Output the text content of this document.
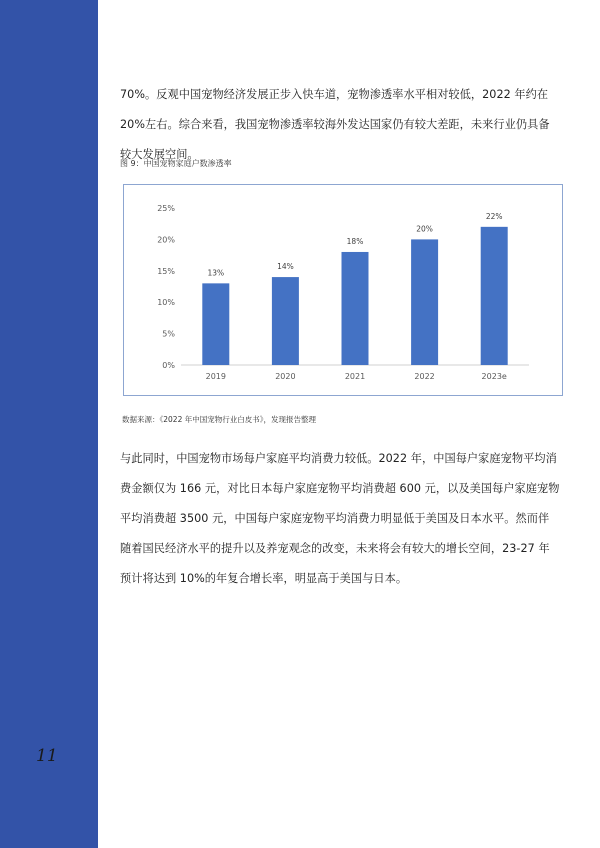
70%。反观中国宠物经济发展正步入快车道，宠物渗透率水平相对较低，2022 年约在 20%左右。综合来看，我国宠物渗透率较海外发达国家仍有较大差距，未来行业仍具备较大发展空间。

图 9：中国宠物家庭户数渗透率
0%
5%
10%
15%
20%
25%
13%
2019
14%
2020
18%
2021
20%
2022
22%
2023e
数据来源：《2022 年中国宠物行业白皮书》，发现报告整理

与此同时，中国宠物市场每户家庭平均消费力较低。2022 年，中国每户家庭宠物平均消费金额仅为 166 元，对比日本每户家庭宠物平均消费超 600 元，以及美国每户家庭宠物平均消费超 3500 元，中国每户家庭宠物平均消费力明显低于美国及日本水平。然而伴随着国民经济水平的提升以及养宠观念的改变，未来将会有较大的增长空间，23-27 年预计将达到 10%的年复合增长率，明显高于美国与日本。

11
